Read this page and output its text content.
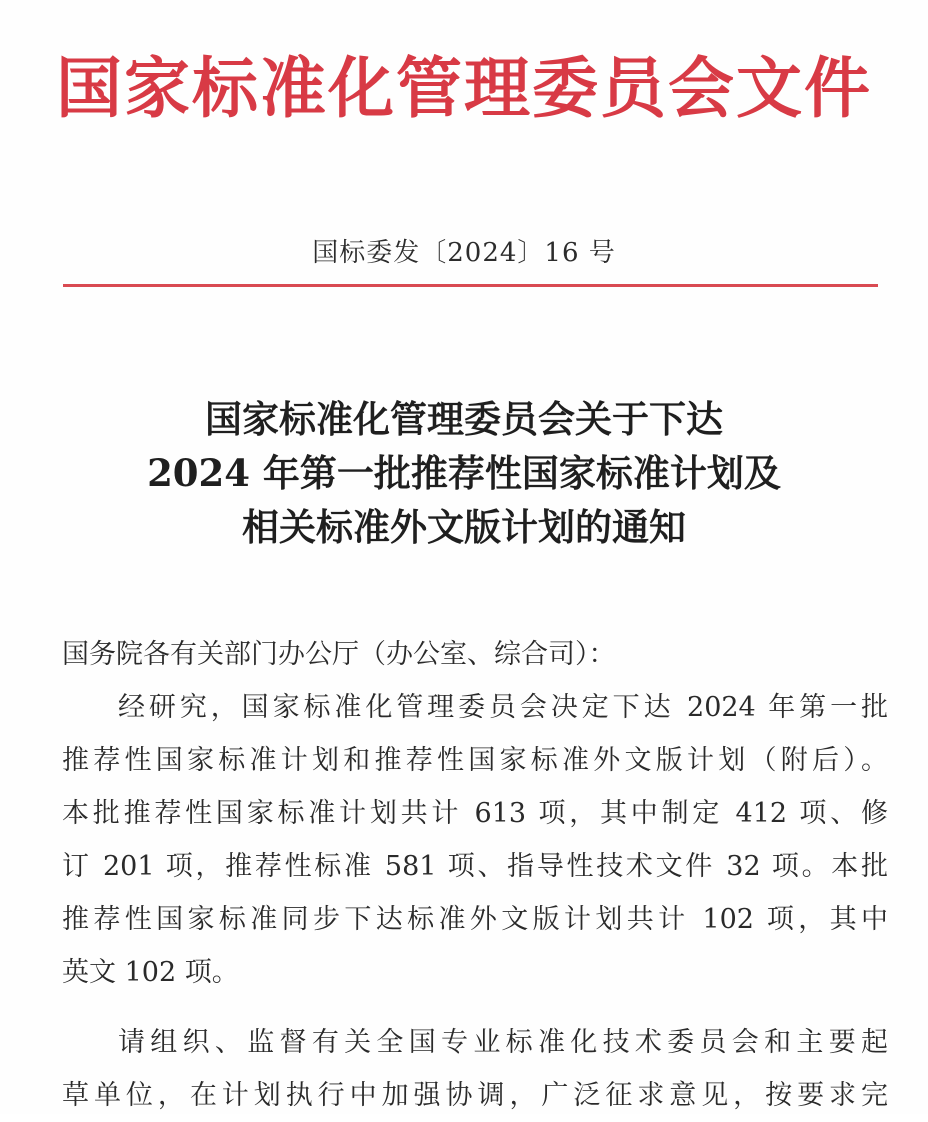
国家标准化管理委员会文件
国标委发〔2024〕16 号
国家标准化管理委员会关于下达
2024 年第一批推荐性国家标准计划及
相关标准外文版计划的通知
国务院各有关部门办公厅（办公室、综合司）：
经研究，国家标准化管理委员会决定下达 2024 年第一批
推荐性国家标准计划和推荐性国家标准外文版计划（附后）。
本批推荐性国家标准计划共计 613 项，其中制定 412 项、修
订 201 项，推荐性标准 581 项、指导性技术文件 32 项。本批
推荐性国家标准同步下达标准外文版计划共计 102 项，其中
英文 102 项。
请组织、监督有关全国专业标准化技术委员会和主要起
草单位，在计划执行中加强协调，广泛征求意见，按要求完
